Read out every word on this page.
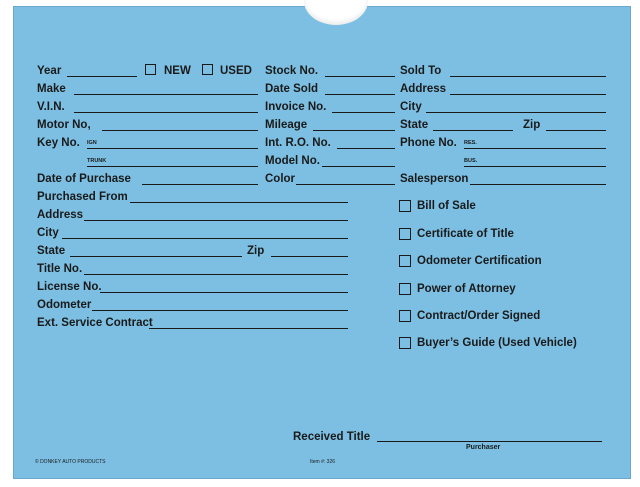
Year	NEW	USED Stock No.	Sold To
Make	Date Sold	Address
V.I.N.	Invoice No.	City
Motor No,	Mileage	State	Zip
Key No. IGN	Int. R.O. No.	Phone No. RES.
TRUNK	Model No.	BUS.
Date of Purchase	Color	Salesperson
Purchased From
Address
City
State	Zip
Title No.
License No.
Odometer
Ext. Service Contract
Bill of Sale
Certificate of Title
Odometer Certification
Power of Attorney
Contract/Order Signed
Buyer’s Guide (Used Vehicle)
Received Title
Purchaser
© DONKEY AUTO PRODUCTS	Item #: 326
